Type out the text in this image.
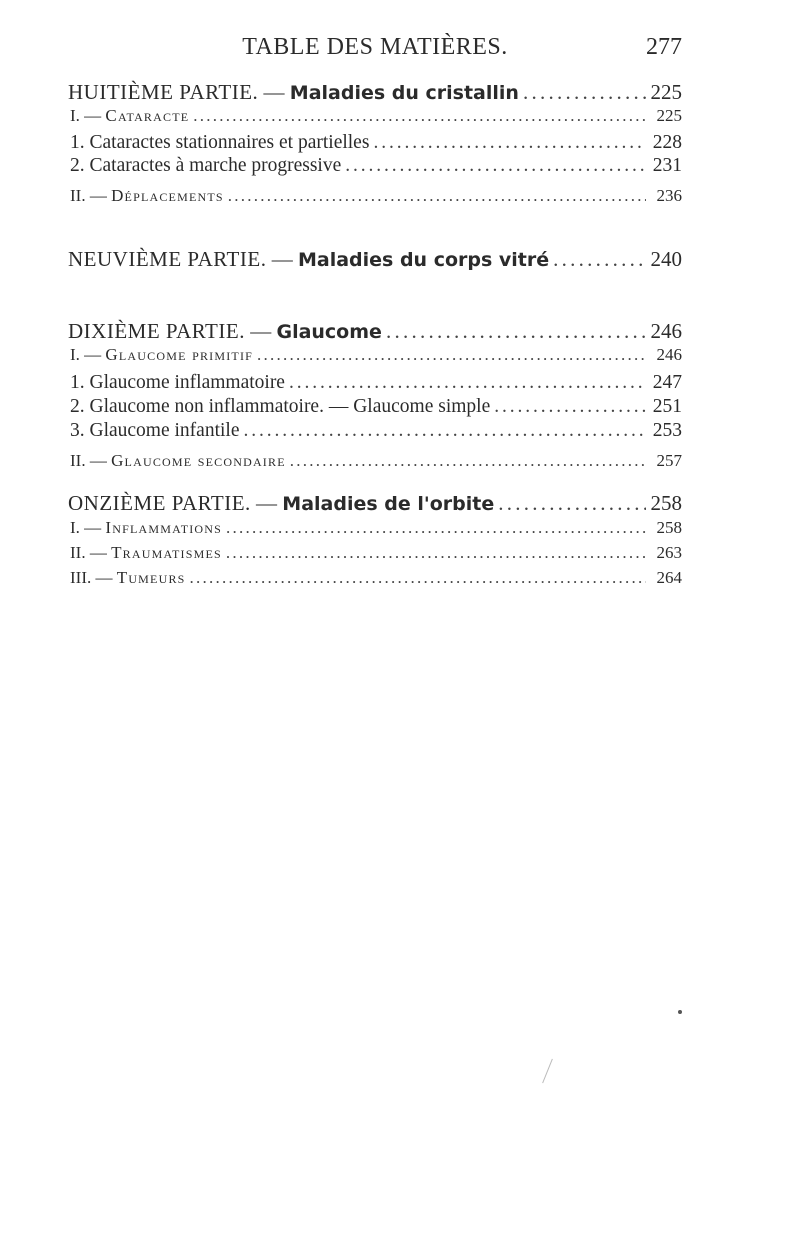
TABLE DES MATIÈRES.	277
HUITIÈME PARTIE. — Maladies du cristallin . . .	225
I. — Cataracte . . .	225
1. Cataractes stationnaires et partielles . . .	228
2. Cataractes à marche progressive . . .	231
II. — Déplacements . . .	236
NEUVIÈME PARTIE. — Maladies du corps vitré . . .	240
DIXIÈME PARTIE. — Glaucome . . .	246
I. — Glaucome primitif . . .	246
1. Glaucome inflammatoire . . .	247
2. Glaucome non inflammatoire. — Glaucome simple . . .	251
3. Glaucome infantile . . .	253
II. — Glaucome secondaire . . .	257
ONZIÈME PARTIE. — Maladies de l'orbite . . .	258
I. — Inflammations . . .	258
II. — Traumatismes . . .	263
III. — Tumeurs . . .	264
